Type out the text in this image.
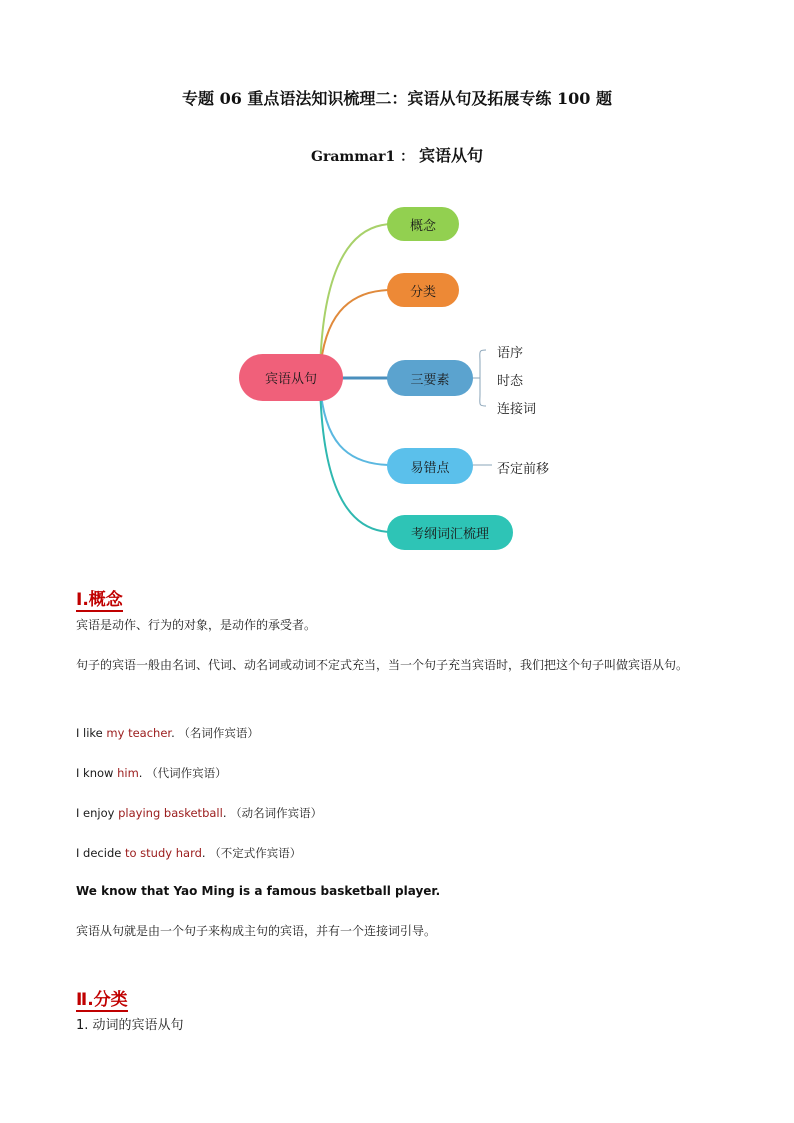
专题 06 重点语法知识梳理二：宾语从句及拓展专练 100 题
Grammar1 ： 宾语从句
宾语从句
概念
分类
三要素
易错点
考纲词汇梳理
语序
时态
连接词
否定前移
Ⅰ.概念
宾语是动作、行为的对象，是动作的承受者。
句子的宾语一般由名词、代词、动名词或动词不定式充当，当一个句子充当宾语时，我们把这个句子叫做宾语从句。
I like my teacher. （名词作宾语）
I know him. （代词作宾语）
I enjoy playing basketball. （动名词作宾语）
I decide to study hard. （不定式作宾语）
We know that Yao Ming is a famous basketball player.
宾语从句就是由一个句子来构成主句的宾语，并有一个连接词引导。
Ⅱ.分类
1. 动词的宾语从句
